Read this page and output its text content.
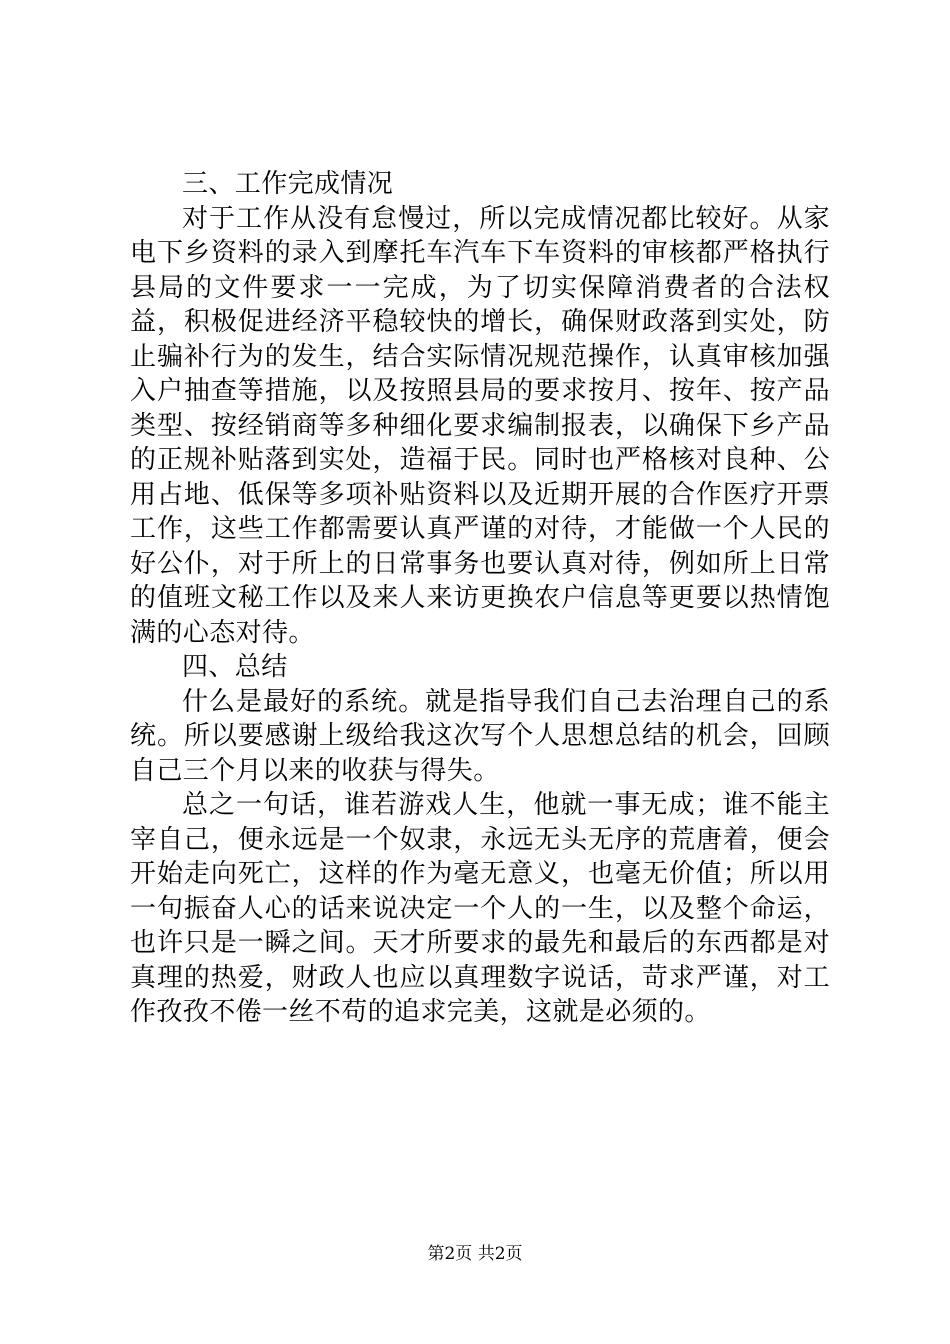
三、工作完成情况

对于工作从没有怠慢过，所以完成情况都比较好。从家电下乡资料的录入到摩托车汽车下车资料的审核都严格执行县局的文件要求一一完成，为了切实保障消费者的合法权益，积极促进经济平稳较快的增长，确保财政落到实处，防止骗补行为的发生，结合实际情况规范操作，认真审核加强入户抽查等措施，以及按照县局的要求按月、按年、按产品类型、按经销商等多种细化要求编制报表，以确保下乡产品的正规补贴落到实处，造福于民。同时也严格核对良种、公用占地、低保等多项补贴资料以及近期开展的合作医疗开票工作，这些工作都需要认真严谨的对待，才能做一个人民的好公仆，对于所上的日常事务也要认真对待，例如所上日常的值班文秘工作以及来人来访更换农户信息等更要以热情饱满的心态对待。

四、总结

什么是最好的系统。就是指导我们自己去治理自己的系统。所以要感谢上级给我这次写个人思想总结的机会，回顾自己三个月以来的收获与得失。

总之一句话，谁若游戏人生，他就一事无成；谁不能主宰自己，便永远是一个奴隶，永远无头无序的荒唐着，便会开始走向死亡，这样的作为毫无意义，也毫无价值；所以用一句振奋人心的话来说决定一个人的一生，以及整个命运，也许只是一瞬之间。天才所要求的最先和最后的东西都是对真理的热爱，财政人也应以真理数字说话，苛求严谨，对工作孜孜不倦一丝不苟的追求完美，这就是必须的。

第2页 共2页
